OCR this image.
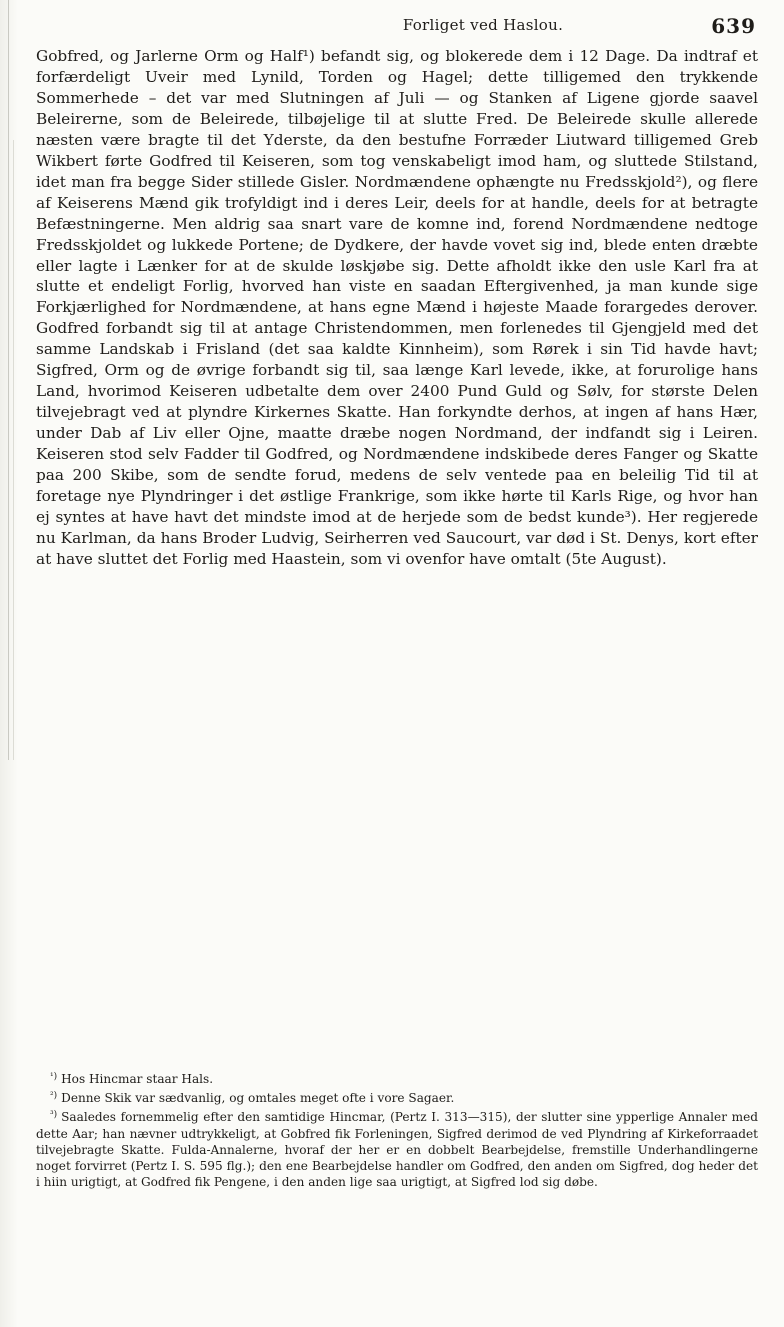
Forliget ved Haslou.	639

Gobfred, og Jarlerne Orm og Half¹) befandt sig, og blokerede dem i 12 Dage. Da indtraf et forfærdeligt Uveir med Lynild, Torden og Hagel; dette tilligemed den trykkende Sommerhede – det var med Slutningen af Juli — og Stanken af Ligene gjorde saavel Beleirerne, som de Beleirede, tilbøjelige til at slutte Fred. De Beleirede skulle allerede næsten være bragte til det Yderste, da den bestufne Forræder Liutward tilligemed Greb Wikbert førte Godfred til Keiseren, som tog venskabeligt imod ham, og sluttede Stilstand, idet man fra begge Sider stillede Gisler. Nordmændene ophængte nu Fredsskjold²), og flere af Keiserens Mænd gik trofyldigt ind i deres Leir, deels for at handle, deels for at betragte Befæstningerne. Men aldrig saa snart vare de komne ind, forend Nordmændene nedtoge Fredsskjoldet og lukkede Portene; de Dydkere, der havde vovet sig ind, blede enten dræbte eller lagte i Lænker for at de skulde løskjøbe sig. Dette afholdt ikke den usle Karl fra at slutte et endeligt Forlig, hvorved han viste en saadan Eftergivenhed, ja man kunde sige Forkjærlighed for Nordmændene, at hans egne Mænd i højeste Maade forargedes derover. Godfred forbandt sig til at antage Christendommen, men forlenedes til Gjengjeld med det samme Landskab i Frisland (det saa kaldte Kinnheim), som Rørek i sin Tid havde havt; Sigfred, Orm og de øvrige forbandt sig til, saa længe Karl levede, ikke, at forurolige hans Land, hvorimod Keiseren udbetalte dem over 2400 Pund Guld og Sølv, for største Delen tilvejebragt ved at plyndre Kirkernes Skatte. Han forkyndte derhos, at ingen af hans Hær, under Dab af Liv eller Ojne, maatte dræbe nogen Nordmand, der indfandt sig i Leiren. Keiseren stod selv Fadder til Godfred, og Nordmændene indskibede deres Fanger og Skatte paa 200 Skibe, som de sendte forud, medens de selv ventede paa en beleilig Tid til at foretage nye Plyndringer i det østlige Frankrige, som ikke hørte til Karls Rige, og hvor han ej syntes at have havt det mindste imod at de herjede som de bedst kunde³). Her regjerede nu Karlman, da hans Broder Ludvig, Seirherren ved Saucourt, var død i St. Denys, kort efter at have sluttet det Forlig med Haastein, som vi ovenfor have omtalt (5te August).

$^{^1)}$ Hos Hincmar staar Hals.

$^{^2)}$ Denne Skik var sædvanlig, og omtales meget ofte i vore Sagaer.

$^{^3)}$ Saaledes fornemmelig efter den samtidige Hincmar, (Pertz I. 313—315), der slutter sine ypperlige Annaler med dette Aar; han nævner udtrykkeligt, at Gobfred fik Forleningen, Sigfred derimod de ved Plyndring af Kirkeforraadet tilvejebragte Skatte. Fulda-Annalerne, hvoraf der her er en dobbelt Bearbejdelse, fremstille Underhandlingerne noget forvirret (Pertz I. S. 595 flg.); den ene Bearbejdelse handler om Godfred, den anden om Sigfred, dog heder det i hiin urigtigt, at Godfred fik Pengene, i den anden lige saa urigtigt, at Sigfred lod sig døbe.
